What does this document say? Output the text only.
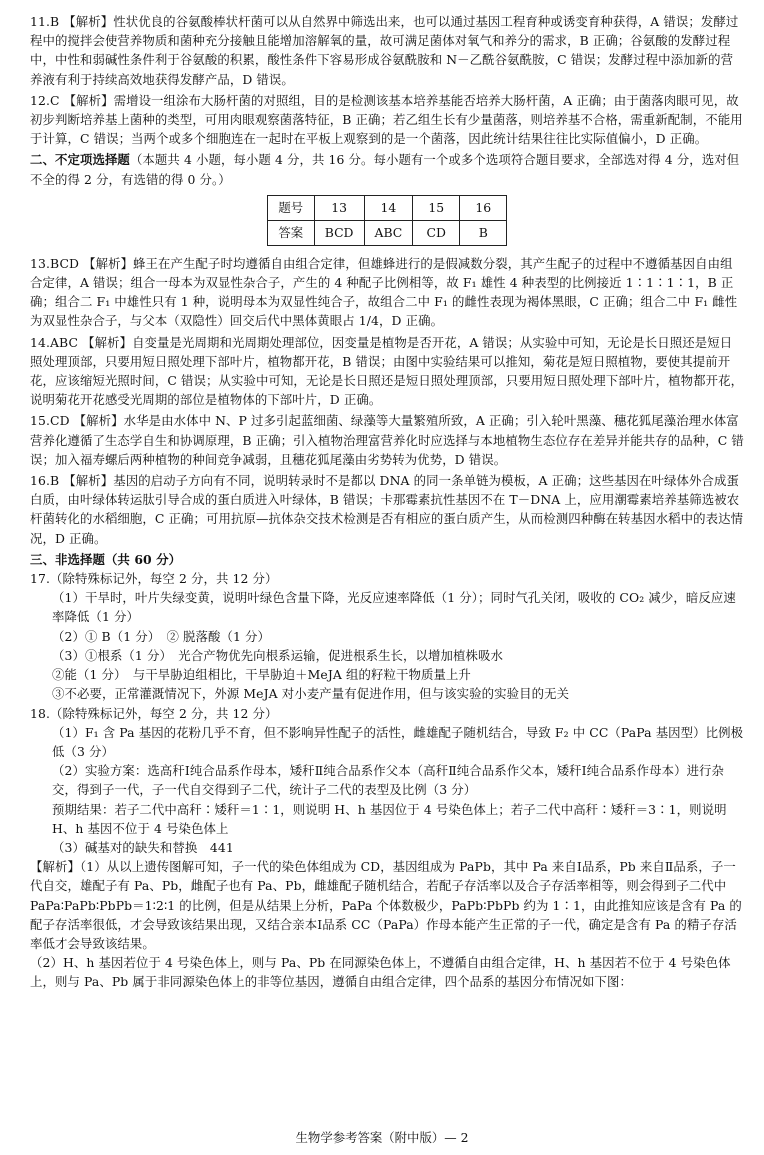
11.B 【解析】性状优良的谷氨酸棒状杆菌可以从自然界中筛选出来，也可以通过基因工程育种或诱变育种获得，A 错误；发酵过程中的搅拌会使营养物质和菌种充分接触且能增加溶解氧的量，故可满足菌体对氧气和养分的需求，B 正确；谷氨酸的发酵过程中，中性和弱碱性条件利于谷氨酸的积累，酸性条件下容易形成谷氨酰胺和 N－乙酰谷氨酰胺，C 错误；发酵过程中添加新的营养液有利于持续高效地获得发酵产品，D 错误。

12.C 【解析】需增设一组涂布大肠杆菌的对照组，目的是检测该基本培养基能否培养大肠杆菌，A 正确；由于菌落肉眼可见，故初步判断培养基上菌种的类型，可用肉眼观察菌落特征，B 正确；若乙组生长有少量菌落，则培养基不合格，需重新配制，不能用于计算，C 错误；当两个或多个细胞连在一起时在平板上观察到的是一个菌落，因此统计结果往往比实际值偏小，D 正确。

二、不定项选择题（本题共 4 小题，每小题 4 分，共 16 分。每小题有一个或多个选项符合题目要求，全部选对得 4 分，选对但不全的得 2 分，有选错的得 0 分。）

题号	13	14	15	16
答案	BCD	ABC	CD	B

13.BCD 【解析】蜂王在产生配子时均遵循自由组合定律，但雄蜂进行的是假减数分裂，其产生配子的过程中不遵循基因自由组合定律，A 错误；组合一母本为双显性杂合子，产生的 4 种配子比例相等，故 F₁ 雄性 4 种表型的比例接近 1∶1∶1∶1，B 正确；组合二 F₁ 中雄性只有 1 种，说明母本为双显性纯合子，故组合二中 F₁ 的雌性表现为褐体黑眼，C 正确；组合二中 F₁ 雌性为双显性杂合子，与父本（双隐性）回交后代中黑体黄眼占 1/4，D 正确。

14.ABC 【解析】自变量是光周期和光周期处理部位，因变量是植物是否开花，A 错误；从实验中可知，无论是长日照还是短日照处理顶部，只要用短日照处理下部叶片，植物都开花，B 错误；由图中实验结果可以推知，菊花是短日照植物，要使其提前开花，应该缩短光照时间，C 错误；从实验中可知，无论是长日照还是短日照处理顶部，只要用短日照处理下部叶片，植物都开花，说明菊花开花感受光周期的部位是植物体的下部叶片，D 正确。

15.CD 【解析】水华是由水体中 N、P 过多引起蓝细菌、绿藻等大量繁殖所致，A 正确；引入轮叶黑藻、穗花狐尾藻治理水体富营养化遵循了生态学自生和协调原理，B 正确；引入植物治理富营养化时应选择与本地植物生态位存在差异并能共存的品种，C 错误；加入福寿螺后两种植物的种间竞争减弱，且穗花狐尾藻由劣势转为优势，D 错误。

16.B 【解析】基因的启动子方向有不同，说明转录时不是都以 DNA 的同一条单链为模板，A 正确；这些基因在叶绿体外合成蛋白质，由叶绿体转运肽引导合成的蛋白质进入叶绿体，B 错误；卡那霉素抗性基因不在 T－DNA 上，应用潮霉素培养基筛选被农杆菌转化的水稻细胞，C 正确；可用抗原—抗体杂交技术检测是否有相应的蛋白质产生，从而检测四种酶在转基因水稻中的表达情况，D 正确。

三、非选择题（共 60 分）

17.（除特殊标记外，每空 2 分，共 12 分）

（1）干旱时，叶片失绿变黄，说明叶绿色含量下降，光反应速率降低（1 分）；同时气孔关闭，吸收的 CO₂ 减少，暗反应速率降低（1 分）

（2）① B（1 分）　② 脱落酸（1 分）

（3）①根系（1 分）　光合产物优先向根系运输，促进根系生长，以增加植株吸水

②能（1 分）　与干旱胁迫组相比，干旱胁迫＋MeJA 组的籽粒干物质量上升

③不必要，正常灌溉情况下，外源 MeJA 对小麦产量有促进作用，但与该实验的实验目的无关

18.（除特殊标记外，每空 2 分，共 12 分）

（1）F₁ 含 Pa 基因的花粉几乎不育，但不影响异性配子的活性，雌雄配子随机结合，导致 F₂ 中 CC（PaPa 基因型）比例极低（3 分）

（2）实验方案：选高秆Ⅰ纯合品系作母本，矮秆Ⅱ纯合品系作父本（高秆Ⅱ纯合品系作父本，矮秆Ⅰ纯合品系作母本）进行杂交，得到子一代，子一代自交得到子二代，统计子二代的表型及比例（3 分）

预期结果：若子二代中高秆∶矮秆＝1∶1，则说明 H、h 基因位于 4 号染色体上；若子二代中高秆∶矮秆＝3∶1，则说明 H、h 基因不位于 4 号染色体上

（3）碱基对的缺失和替换　441

【解析】（1）从以上遗传图解可知，子一代的染色体组成为 CD，基因组成为 PaPb，其中 Pa 来自Ⅰ品系，Pb 来自Ⅱ品系，子一代自交，雄配子有 Pa、Pb，雌配子也有 Pa、Pb，雌雄配子随机结合，若配子存活率以及合子存活率相等，则会得到子二代中 PaPa∶PaPb∶PbPb＝1∶2∶1 的比例，但是从结果上分析，PaPa 个体数极少，PaPb∶PbPb 约为 1∶1，由此推知应该是含有 Pa 的配子存活率很低，才会导致该结果出现，又结合亲本Ⅰ品系 CC（PaPa）作母本能产生正常的子一代，确定是含有 Pa 的精子存活率低才会导致该结果。

（2）H、h 基因若位于 4 号染色体上，则与 Pa、Pb 在同源染色体上，不遵循自由组合定律，H、h 基因若不位于 4 号染色体上，则与 Pa、Pb 属于非同源染色体上的非等位基因，遵循自由组合定律，四个品系的基因分布情况如下图：

生物学参考答案（附中版）— 2
